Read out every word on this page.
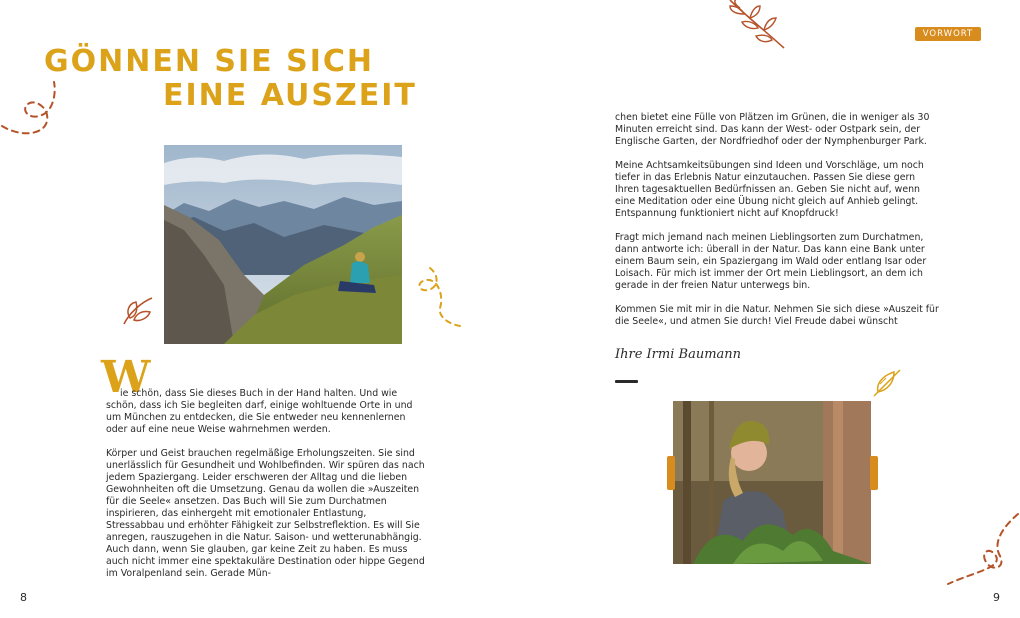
GÖNNEN SIE SICH
EINE AUSZEIT
W

ie schön, dass Sie dieses Buch in der Hand halten. Und wie schön, dass ich Sie begleiten darf, einige wohltuende Orte in und um München zu entdecken, die Sie entweder neu kennenlernen oder auf eine neue Weise wahrnehmen werden.

Körper und Geist brauchen regelmäßige Erholungszeiten. Sie sind unerlässlich für Gesundheit und Wohlbefinden. Wir spüren das nach jedem Spaziergang. Leider erschweren der Alltag und die lieben Gewohnheiten oft die Umsetzung. Genau da wollen die »Auszeiten für die Seele« ansetzen. Das Buch will Sie zum Durchatmen inspirieren, das einhergeht mit emotionaler Entlastung, Stressabbau und erhöhter Fähigkeit zur Selbstreflektion. Es will Sie anregen, rauszugehen in die Natur. Saison- und wetterunabhängig. Auch dann, wenn Sie glauben, gar keine Zeit zu haben. Es muss auch nicht immer eine spektakuläre Destination oder hippe Gegend im Voralpenland sein. Gerade Mün-

8
VORWORT

chen bietet eine Fülle von Plätzen im Grünen, die in weniger als 30 Minuten erreicht sind. Das kann der West- oder Ostpark sein, der Englische Garten, der Nordfriedhof oder der Nymphenburger Park.

Meine Achtsamkeitsübungen sind Ideen und Vorschläge, um noch tiefer in das Erlebnis Natur einzutauchen. Passen Sie diese gern Ihren tagesaktuellen Bedürfnissen an. Geben Sie nicht auf, wenn eine Meditation oder eine Übung nicht gleich auf Anhieb gelingt. Entspannung funktioniert nicht auf Knopfdruck!

Fragt mich jemand nach meinen Lieblingsorten zum Durchatmen, dann antworte ich: überall in der Natur. Das kann eine Bank unter einem Baum sein, ein Spaziergang im Wald oder entlang Isar oder Loisach. Für mich ist immer der Ort mein Lieblingsort, an dem ich gerade in der freien Natur unterwegs bin.

Kommen Sie mit mir in die Natur. Nehmen Sie sich diese »Auszeit für die Seele«, und atmen Sie durch! Viel Freude dabei wünscht

Ihre Irmi Baumann
9
